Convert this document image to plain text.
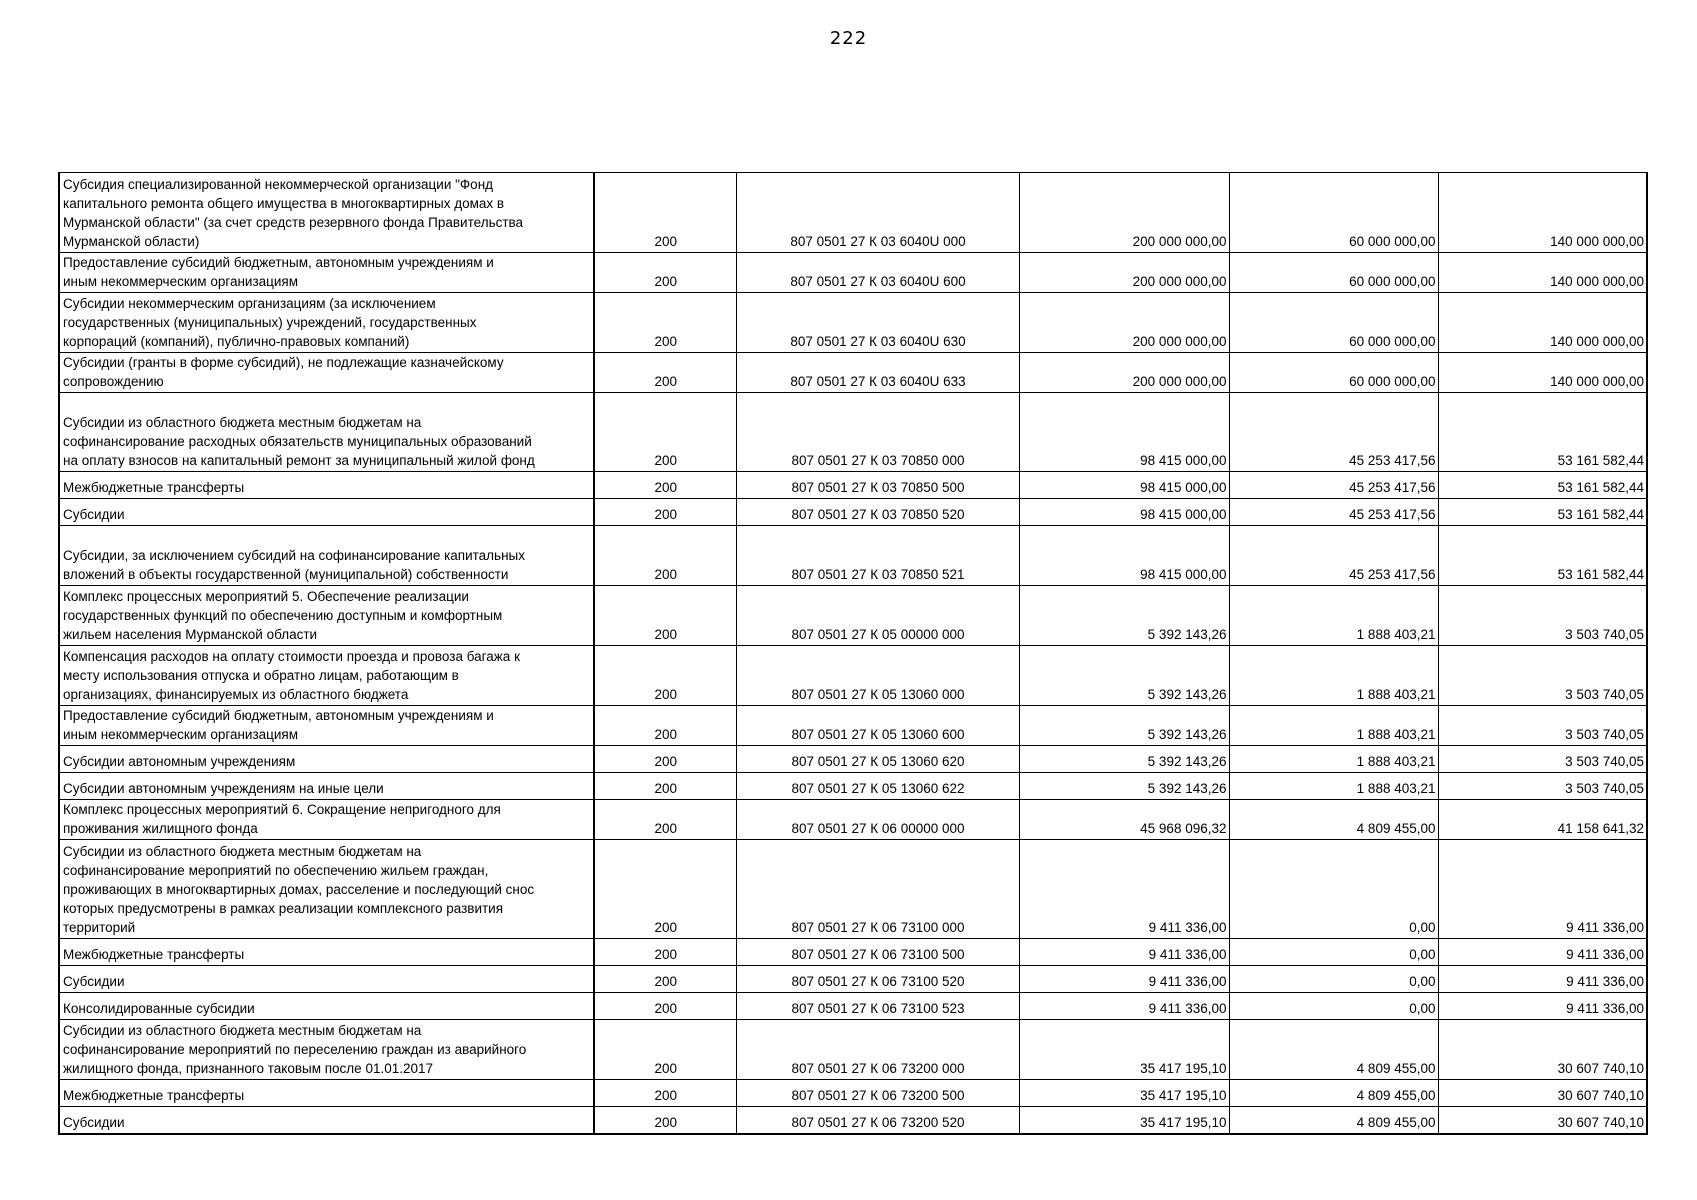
222
Субсидия специализированной некоммерческой организации "Фонд
капитального ремонта общего имущества в многоквартирных домах в
Мурманской области" (за счет средств резервного фонда Правительства
Мурманской области)	200	807 0501 27 К 03 6040U 000	200 000 000,00	60 000 000,00	140 000 000,00
Предоставление субсидий бюджетным, автономным учреждениям и
иным некоммерческим организациям	200	807 0501 27 К 03 6040U 600	200 000 000,00	60 000 000,00	140 000 000,00
Субсидии некоммерческим организациям (за исключением
государственных (муниципальных) учреждений, государственных
корпораций (компаний), публично-правовых компаний)	200	807 0501 27 К 03 6040U 630	200 000 000,00	60 000 000,00	140 000 000,00
Субсидии (гранты в форме субсидий), не подлежащие казначейскому
сопровождению	200	807 0501 27 К 03 6040U 633	200 000 000,00	60 000 000,00	140 000 000,00
Субсидии из областного бюджета местным бюджетам на
софинансирование расходных обязательств муниципальных образований
на оплату взносов на капитальный ремонт за муниципальный жилой фонд	200	807 0501 27 К 03 70850 000	98 415 000,00	45 253 417,56	53 161 582,44
Межбюджетные трансферты	200	807 0501 27 К 03 70850 500	98 415 000,00	45 253 417,56	53 161 582,44
Субсидии	200	807 0501 27 К 03 70850 520	98 415 000,00	45 253 417,56	53 161 582,44
Субсидии, за исключением субсидий на софинансирование капитальных
вложений в объекты государственной (муниципальной) собственности	200	807 0501 27 К 03 70850 521	98 415 000,00	45 253 417,56	53 161 582,44
Комплекс процессных мероприятий 5. Обеспечение реализации
государственных функций по обеспечению доступным и комфортным
жильем населения Мурманской области	200	807 0501 27 К 05 00000 000	5 392 143,26	1 888 403,21	3 503 740,05
Компенсация расходов на оплату стоимости проезда и провоза багажа к
месту использования отпуска и обратно лицам, работающим в
организациях, финансируемых из областного бюджета	200	807 0501 27 К 05 13060 000	5 392 143,26	1 888 403,21	3 503 740,05
Предоставление субсидий бюджетным, автономным учреждениям и
иным некоммерческим организациям	200	807 0501 27 К 05 13060 600	5 392 143,26	1 888 403,21	3 503 740,05
Субсидии автономным учреждениям	200	807 0501 27 К 05 13060 620	5 392 143,26	1 888 403,21	3 503 740,05
Субсидии автономным учреждениям на иные цели	200	807 0501 27 К 05 13060 622	5 392 143,26	1 888 403,21	3 503 740,05
Комплекс процессных мероприятий 6. Сокращение непригодного для
проживания жилищного фонда	200	807 0501 27 К 06 00000 000	45 968 096,32	4 809 455,00	41 158 641,32
Субсидии из областного бюджета местным бюджетам на
софинансирование мероприятий по обеспечению жильем граждан,
проживающих в многоквартирных домах, расселение и последующий снос
которых предусмотрены в рамках реализации комплексного развития
территорий	200	807 0501 27 К 06 73100 000	9 411 336,00	0,00	9 411 336,00
Межбюджетные трансферты	200	807 0501 27 К 06 73100 500	9 411 336,00	0,00	9 411 336,00
Субсидии	200	807 0501 27 К 06 73100 520	9 411 336,00	0,00	9 411 336,00
Консолидированные субсидии	200	807 0501 27 К 06 73100 523	9 411 336,00	0,00	9 411 336,00
Субсидии из областного бюджета местным бюджетам на
софинансирование мероприятий по переселению граждан из аварийного
жилищного фонда, признанного таковым после 01.01.2017	200	807 0501 27 К 06 73200 000	35 417 195,10	4 809 455,00	30 607 740,10
Межбюджетные трансферты	200	807 0501 27 К 06 73200 500	35 417 195,10	4 809 455,00	30 607 740,10
Субсидии	200	807 0501 27 К 06 73200 520	35 417 195,10	4 809 455,00	30 607 740,10
